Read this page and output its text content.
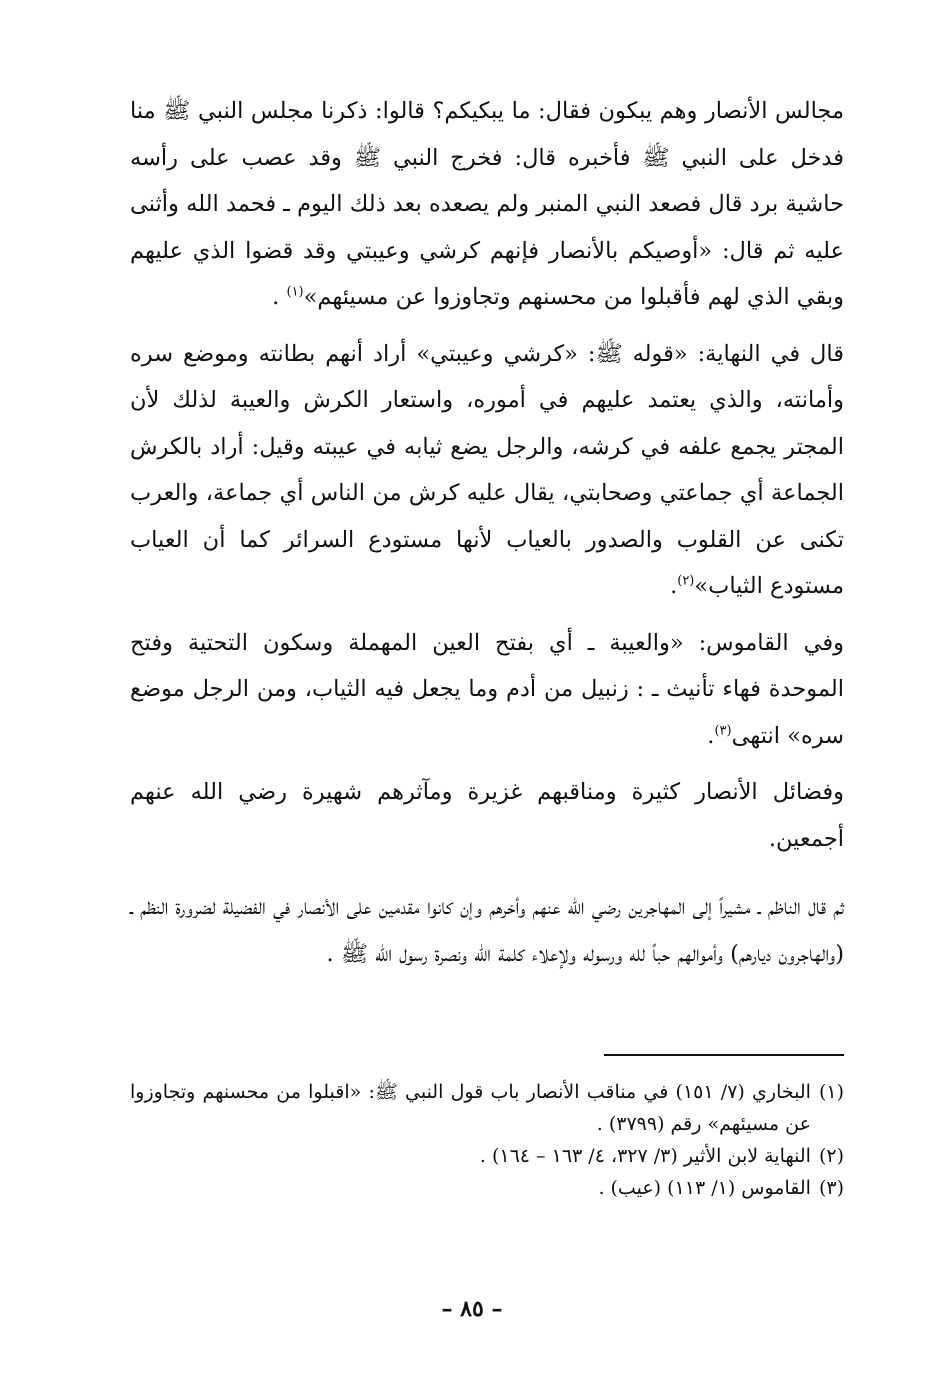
مجالس الأنصار وهم يبكون فقال: ما يبكيكم؟ قالوا: ذكرنا مجلس النبي ﷺ منا فدخل على النبي ﷺ فأخبره قال: فخرج النبي ﷺ وقد عصب على رأسه حاشية برد قال فصعد النبي المنبر ولم يصعده بعد ذلك اليوم ـ فحمد الله وأثنى عليه ثم قال: «أوصيكم بالأنصار فإنهم كرشي وعيبتي وقد قضوا الذي عليهم وبقي الذي لهم فأقبلوا من محسنهم وتجاوزوا عن مسيئهم»$^{(١)}$ .

قال في النهاية: «قوله ﷺ: «كرشي وعيبتي» أراد أنهم بطانته وموضع سره وأمانته، والذي يعتمد عليهم في أموره، واستعار الكرش والعيبة لذلك لأن المجتر يجمع علفه في كرشه، والرجل يضع ثيابه في عيبته وقيل: أراد بالكرش الجماعة أي جماعتي وصحابتي، يقال عليه كرش من الناس أي جماعة، والعرب تكنى عن القلوب والصدور بالعياب لأنها مستودع السرائر كما أن العياب مستودع الثياب»$^{(٢)}$.

وفي القاموس: «والعيبة ـ أي بفتح العين المهملة وسكون التحتية وفتح الموحدة فهاء تأنيث ـ : زنبيل من أدم وما يجعل فيه الثياب، ومن الرجل موضع سره» انتهى$^{(٣)}$.

وفضائل الأنصار كثيرة ومناقبهم غزيرة ومآثرهم شهيرة رضي الله عنهم أجمعين.

ثم قال الناظم ـ مشيراً إلى المهاجرين رضي الله عنهم وأخرهم وإن كانوا مقدمين على الأنصار في الفضيلة لضرورة النظم ـ (والهاجرون ديارهم) وأموالهم حباً لله ورسوله ولإعلاء كلمة الله ونصرة رسول الله ﷺ .

(١)
البخاري (٧/ ١٥١) في مناقب الأنصار باب قول النبي ﷺ: «اقبلوا من محسنهم وتجاوزوا عن مسيئهم» رقم (٣٧٩٩) .
(٢)
النهاية لابن الأثير (٣/ ٣٢٧، ٤/ ١٦٣ – ١٦٤) .
(٣)
القاموس (١/ ١١٣) (عيب) .
– ٨٥ –
